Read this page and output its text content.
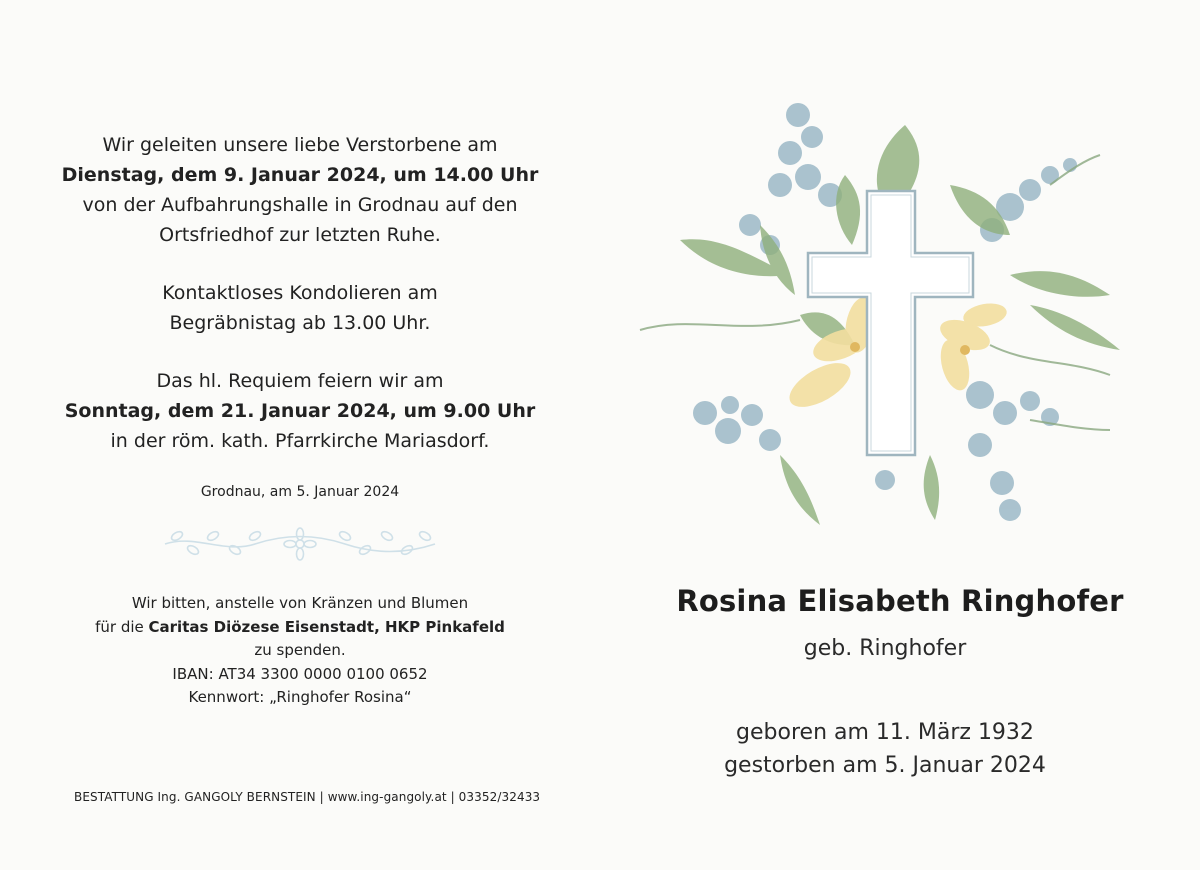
Wir geleiten unsere liebe Verstorbene am

Dienstag, dem 9. Januar 2024, um 14.00 Uhr

von der Aufbahrungshalle in Grodnau auf den

Ortsfriedhof zur letzten Ruhe.

Kontaktloses Kondolieren am

Begräbnistag ab 13.00 Uhr.

Das hl. Requiem feiern wir am

Sonntag, dem 21. Januar 2024, um 9.00 Uhr

in der röm. kath. Pfarrkirche Mariasdorf.

Grodnau, am 5. Januar 2024
Wir bitten, anstelle von Kränzen und Blumen
für die Caritas Diözese Eisenstadt, HKP Pinkafeld
zu spenden.
IBAN: AT34 3300 0000 0100 0652
Kennwort: „Ringhofer Rosina“
BESTATTUNG Ing. GANGOLY BERNSTEIN | www.ing-gangoly.at | 03352/32433
Rosina Elisabeth Ringhofer
geb. Ringhofer

geboren am 11. März 1932

gestorben am 5. Januar 2024
